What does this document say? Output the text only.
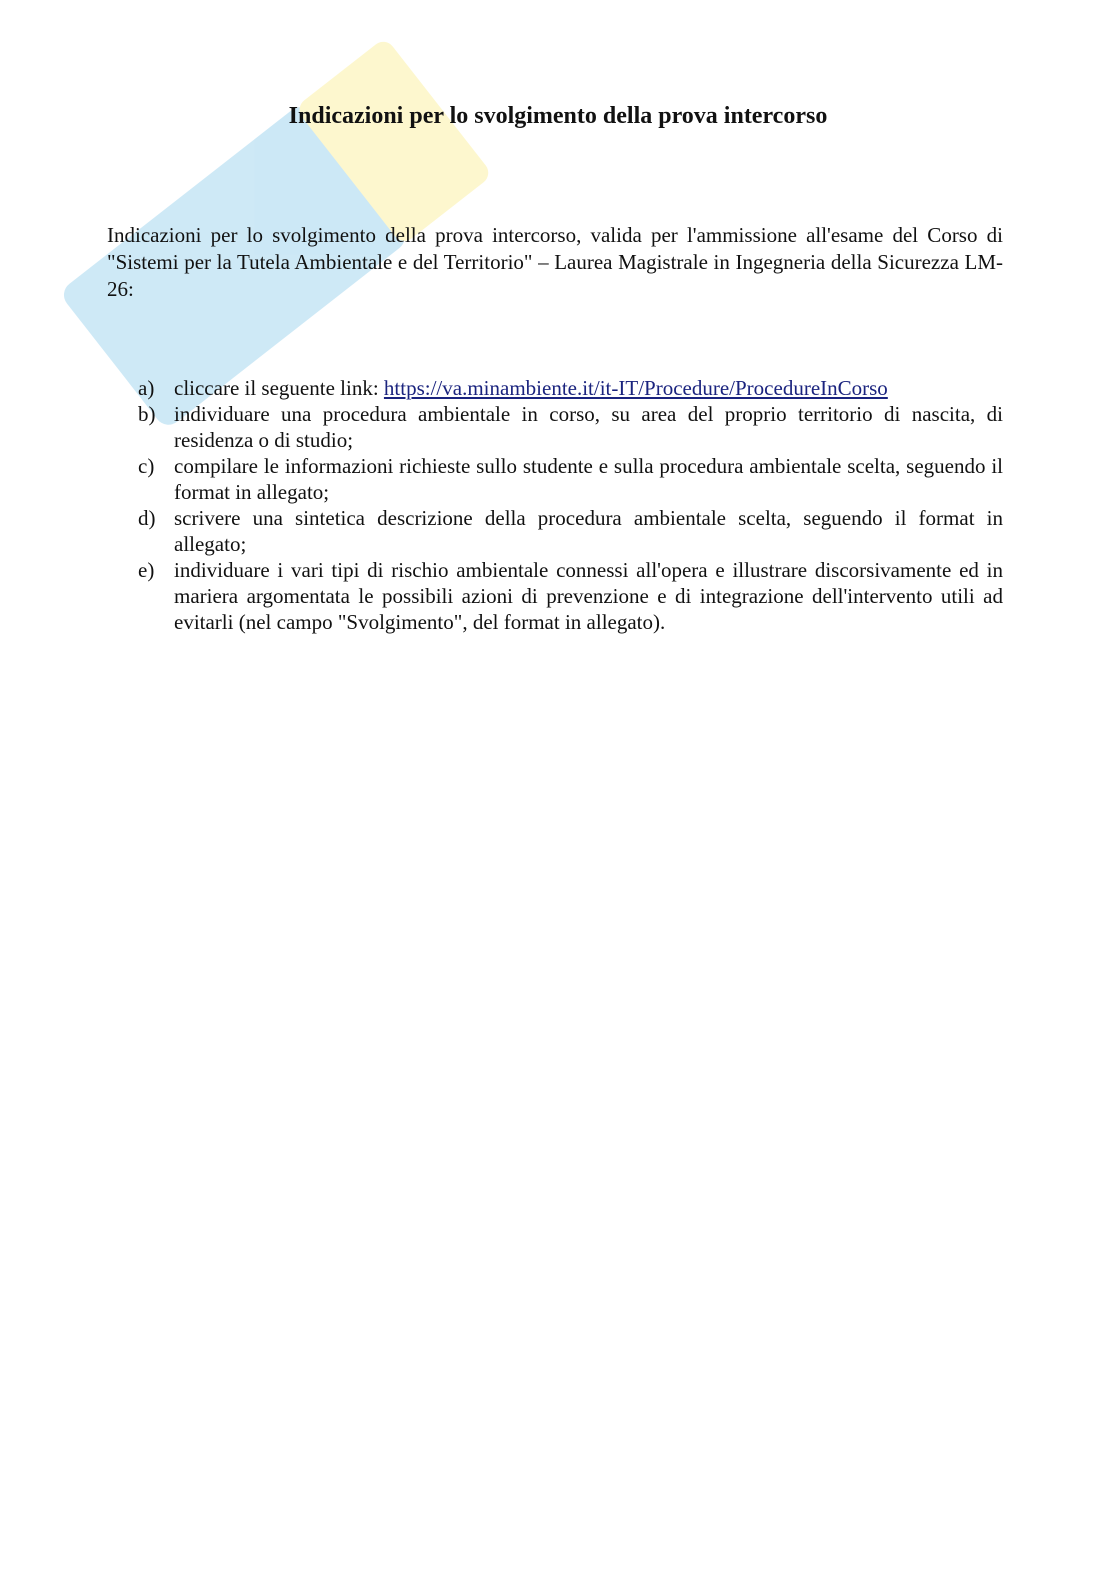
Indicazioni per lo svolgimento della prova intercorso
Indicazioni per lo svolgimento della prova intercorso, valida per l'ammissione all'esame del Corso di "Sistemi per la Tutela Ambientale e del Territorio" – Laurea Magistrale in Ingegneria della Sicurezza LM-26:
a) cliccare il seguente link: https://va.minambiente.it/it-IT/Procedure/ProcedureInCorso
b) individuare una procedura ambientale in corso, su area del proprio territorio di nascita, di residenza o di studio;
c) compilare le informazioni richieste sullo studente e sulla procedura ambientale scelta, seguendo il format in allegato;
d) scrivere una sintetica descrizione della procedura ambientale scelta, seguendo il format in allegato;
e) individuare i vari tipi di rischio ambientale connessi all'opera e illustrare discorsivamente ed in mariera argomentata le possibili azioni di prevenzione e di integrazione dell'intervento utili ad evitarli (nel campo "Svolgimento", del format in allegato).
